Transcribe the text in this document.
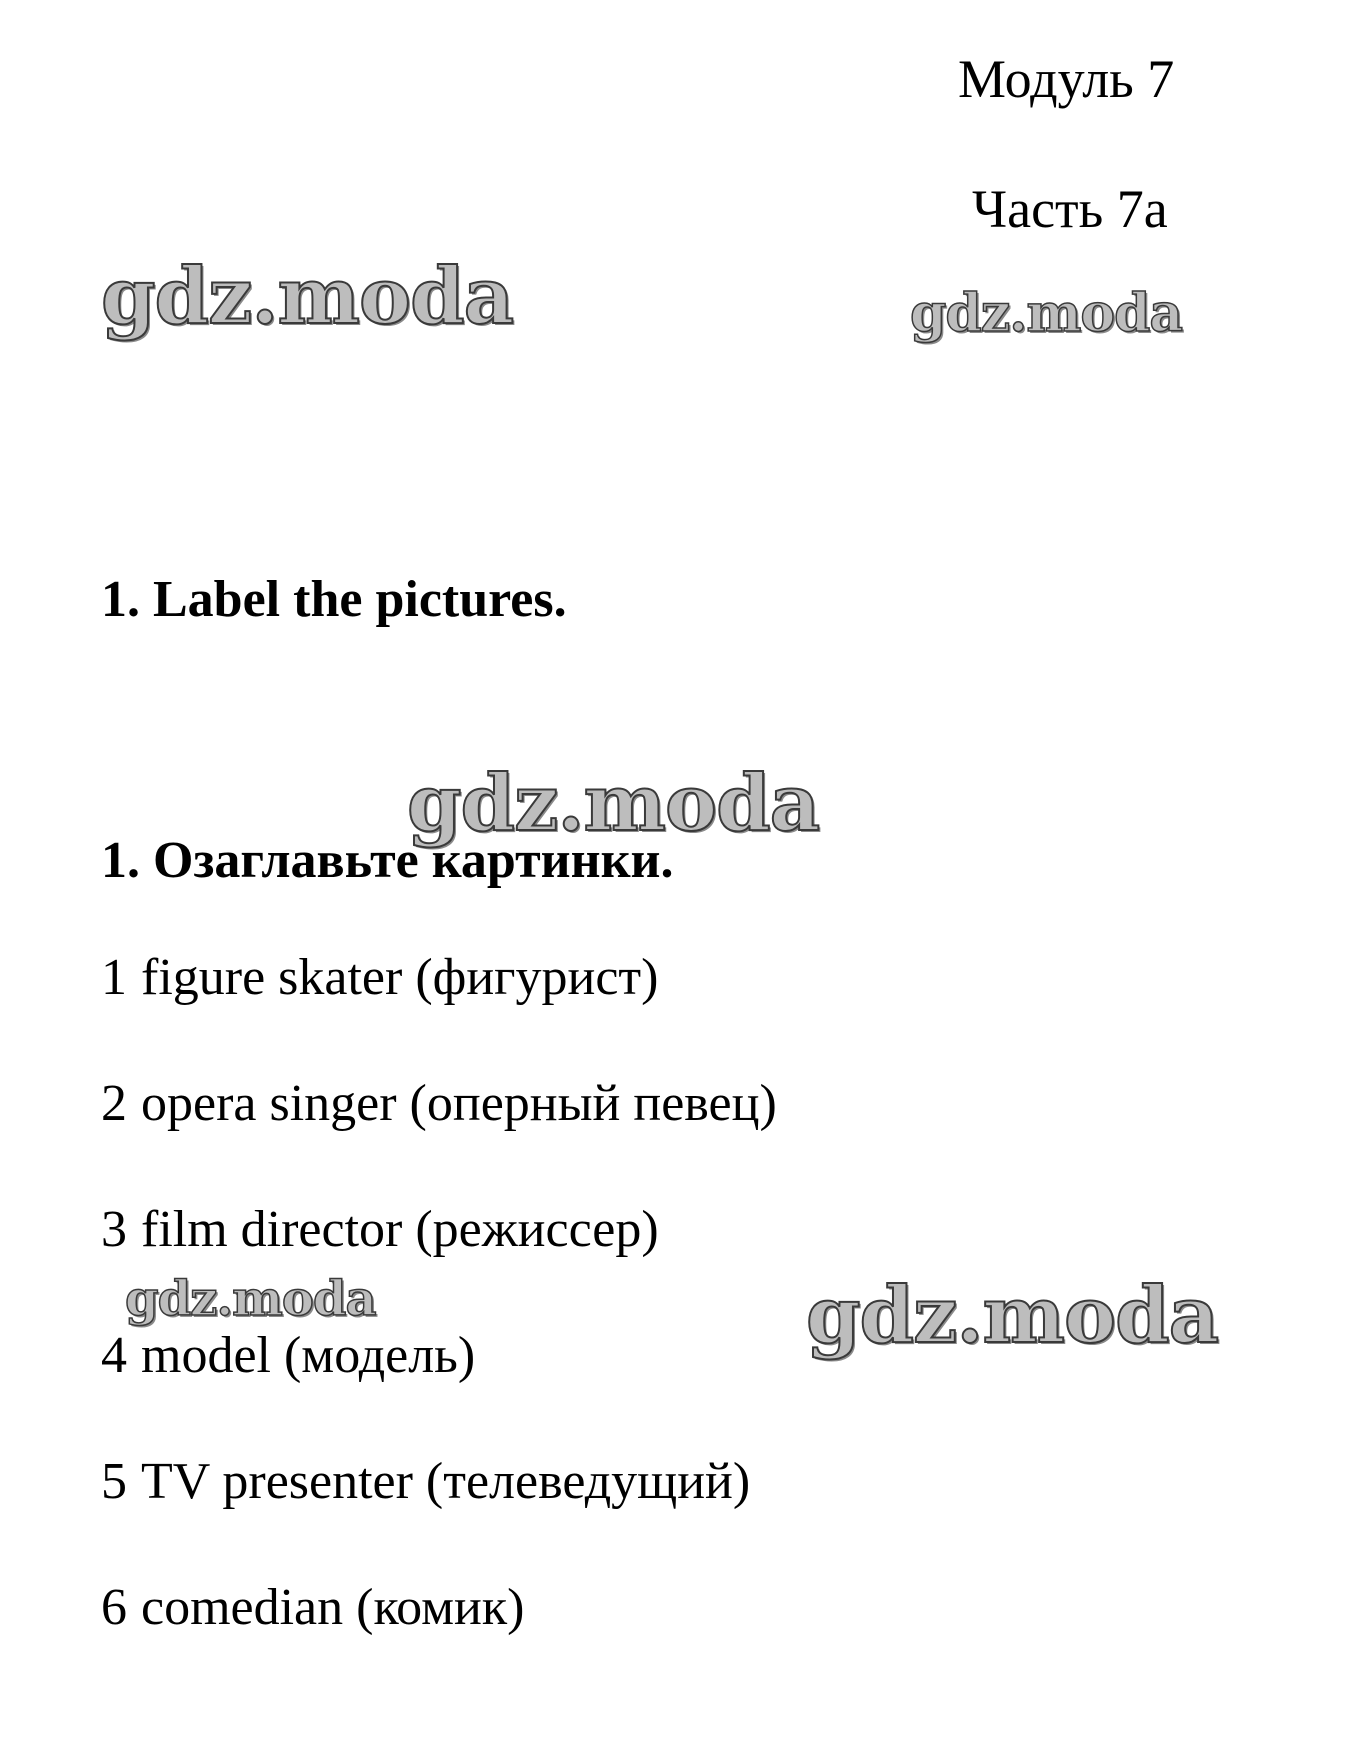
Модуль 7
Часть 7а
1. Label the pictures.
1. Озаглавьте картинки.
1 figure skater (фигурист)
2 opera singer (оперный певец)
3 film director (режиссер)
4 model (модель)
5 TV presenter (телеведущий)
6 comedian (комик)
gdz.moda	gdz.moda
gdz.moda
gdz.moda	gdz.moda
